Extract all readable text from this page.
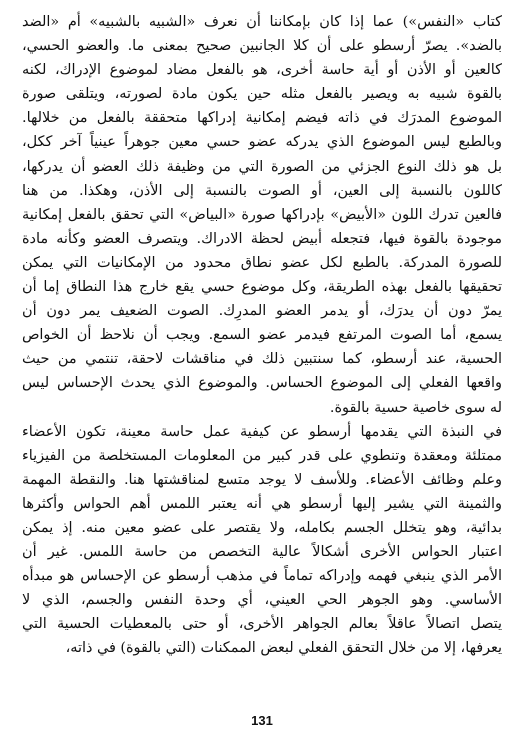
كتاب «النفس») عما إذا كان بإمكاننا أن نعرف «الشبيه بالشبيه» أم «الضد
بالضد». يصرّ أرسطو على أن كلا الجانبين صحيح بمعنى ما. والعضو الحسي،
كالعين أو الأذن أو أية حاسة أخرى، هو بالفعل مضاد لموضوع الإدراك، لكنه
بالقوة شبيه به ويصير بالفعل مثله حين يكون مادة لصورته، ويتلقى صورة
الموضوع المدرَك في ذاته فيضم إمكانية إدراكها متحققة بالفعل من خلالها.
وبالطبع ليس الموضوع الذي يدركه عضو حسي معين جوهراً عينياً آخر ككل،
بل هو ذلك النوع الجزئي من الصورة التي من وظيفة ذلك العضو أن يدركها،
كاللون بالنسبة إلى العين، أو الصوت بالنسبة إلى الأذن، وهكذا. من هنا
فالعين تدرك اللون «الأبيض» بإدراكها صورة «البياض» التي تحقق بالفعل إمكانية
موجودة بالقوة فيها، فتجعله أبيض لحظة الادراك. ويتصرف العضو وكأنه مادة
للصورة المدركة. بالطبع لكل عضو نطاق محدود من الإمكانيات التي يمكن
تحقيقها بالفعل بهذه الطريقة، وكل موضوع حسي يقع خارج هذا النطاق إما أن
يمرّ دون أن يدرَك، أو يدمر العضو المدرِك. الصوت الضعيف يمر دون أن
يسمع، أما الصوت المرتفع فيدمر عضو السمع. ويجب أن نلاحظ أن الخواص
الحسية، عند أرسطو، كما سنتبين ذلك في مناقشات لاحقة، تنتمي من حيث
واقعها الفعلي إلى الموضوع الحساس. والموضوع الذي يحدث الإحساس ليس
له سوى خاصية حسية بالقوة.
في النبذة التي يقدمها أرسطو عن كيفية عمل حاسة معينة، تكون الأعضاء
ممتلئة ومعقدة وتنطوي على قدر كبير من المعلومات المستخلصة من الفيزياء
وعلم وظائف الأعضاء. وللأسف لا يوجد متسع لمناقشتها هنا. والنقطة المهمة
والثمينة التي يشير إليها أرسطو هي أنه يعتبر اللمس أهم الحواس وأكثرها
بدائية، وهو يتخلل الجسم بكامله، ولا يقتصر على عضو معين منه. إذ يمكن
اعتبار الحواس الأخرى أشكالاً عالية التخصص من حاسة اللمس. غير أن
الأمر الذي ينبغي فهمه وإدراكه تماماً في مذهب أرسطو عن الإحساس هو مبدأه
الأساسي. وهو الجوهر الحي العيني، أي وحدة النفس والجسم، الذي لا
يتصل اتصالاً عاقلاً بعالم الجواهر الأخرى، أو حتى بالمعطيات الحسية التي
يعرفها، إلا من خلال التحقق الفعلي لبعض الممكنات (التي بالقوة) في ذاته،
131
